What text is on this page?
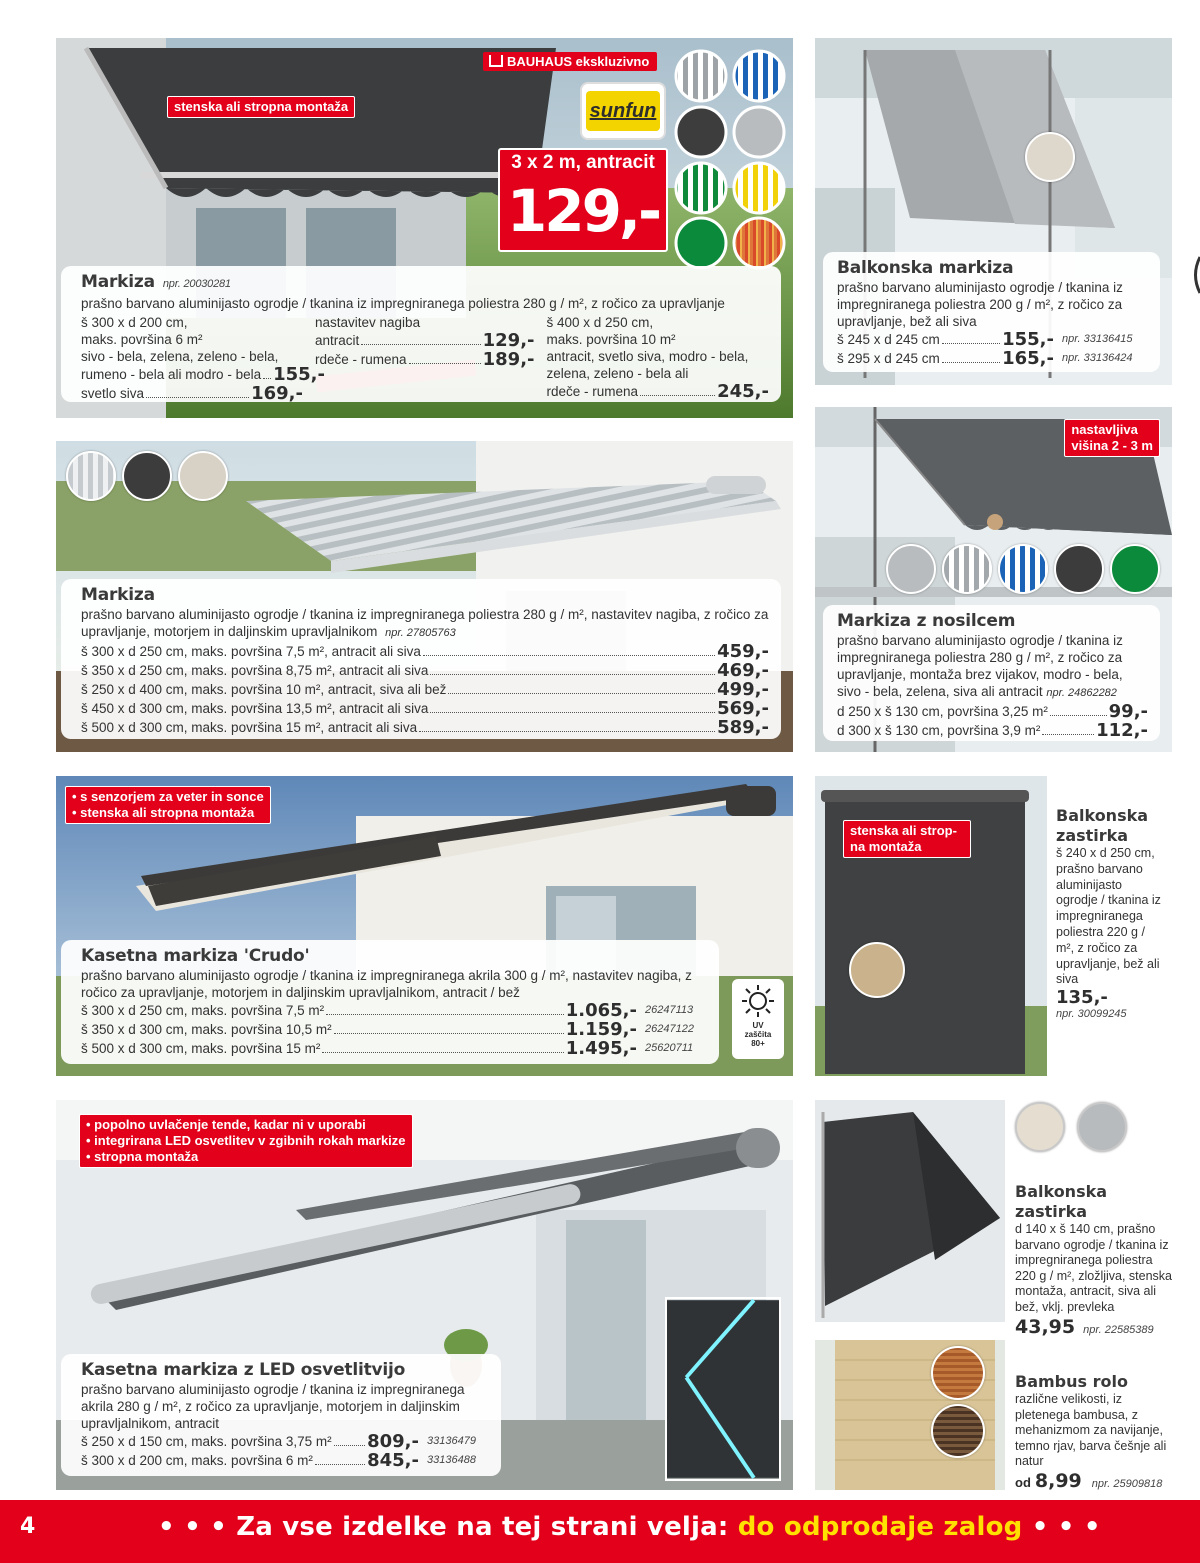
stenska ali stropna montaža
BAUHAUS ekskluzivno
sunfun
3 x 2 m, antracit
129,-
Markiza npr. 20030281
prašno barvano aluminijasto ogrodje / tkanina iz impregniranega poliestra 280 g / m², z ročico za upravljanje
š 300 x d 200 cm,
maks. površina 6 m²
sivo - bela, zelena, zeleno - bela,
rumeno - bela ali modro - bela 155,-
svetlo siva	169,-
nastavitev nagiba
antracit	129,-
rdeče - rumena	189,-
š 400 x d 250 cm,
maks. površina 10 m²
antracit, svetlo siva, modro - bela,
zelena, zeleno - bela ali
rdeče - rumena	245,-
Balkonska markiza
prašno barvano aluminijasto ogrodje / tkanina iz impregniranega poliestra 200 g / m², z ročico za upravljanje, bež ali siva
š 245 x d 245 cm	155,- npr. 33136415
š 295 x d 245 cm	165,- npr. 33136424
Markiza
prašno barvano aluminijasto ogrodje / tkanina iz impregniranega poliestra 280 g / m², nastavitev nagiba, z ročico za upravljanje, motorjem in daljinskim upravljalnikom npr. 27805763
š 300 x d 250 cm, maks. površina 7,5 m², antracit ali siva	459,-
š 350 x d 250 cm, maks. površina 8,75 m², antracit ali siva	469,-
š 250 x d 400 cm, maks. površina 10 m², antracit, siva ali bež	499,-
š 450 x d 300 cm, maks. površina 13,5 m², antracit ali siva	569,-
š 500 x d 300 cm, maks. površina 15 m², antracit ali siva	589,-
nastavljiva
višina 2 - 3 m
Markiza z nosilcem
prašno barvano aluminijasto ogrodje / tkanina iz impregniranega poliestra 280 g / m², z ročico za upravljanje, montaža brez vijakov, modro - bela, sivo - bela, zelena, siva ali antracit npr. 24862282
d 250 x š 130 cm, površina 3,25 m²	99,-
d 300 x š 130 cm, površina 3,9 m²	112,-
• s senzorjem za veter in sonce
• stenska ali stropna montaža
Kasetna markiza 'Crudo'
prašno barvano aluminijasto ogrodje / tkanina iz impregniranega akrila 300 g / m², nastavitev nagiba, z ročico za upravljanje, motorjem in daljinskim upravljalnikom, antracit / bež
š 300 x d 250 cm, maks. površina 7,5 m²	1.065,- 26247113
š 350 x d 300 cm, maks. površina 10,5 m²	1.159,- 26247122
š 500 x d 300 cm, maks. površina 15 m²	1.495,- 25620711
UV
zaščita
80+
stenska ali strop-
na montaža
Balkonska
zastirka
š 240 x d 250 cm, prašno barvano aluminijasto ogrodje / tkanina iz impregniranega poliestra 220 g / m², z ročico za upravljanje, bež ali siva
135,-
npr. 30099245
• popolno uvlačenje tende, kadar ni v uporabi
• integrirana LED osvetlitev v zgibnih rokah markize
• stropna montaža
Kasetna markiza z LED osvetlitvijo
prašno barvano aluminijasto ogrodje / tkanina iz impregniranega akrila 280 g / m², z ročico za upravljanje, motorjem in daljinskim upravljalnikom, antracit
š 250 x d 150 cm, maks. površina 3,75 m² 809,- 33136479
š 300 x d 200 cm, maks. površina 6 m²	845,- 33136488
Balkonska zastirka
d 140 x š 140 cm, prašno barvano ogrodje / tkanina iz impregniranega poliestra 220 g / m², zložljiva, stenska montaža, antracit, siva ali bež, vklj. prevleka
43,95 npr. 22585389
Bambus rolo
različne velikosti, iz pletenega bambusa, z mehanizmom za navijanje, temno rjav, barva češnje ali natur
od 8,99 npr. 25909818
4	• • • Za vse izdelke na tej strani velja: do odprodaje zalog • • •
